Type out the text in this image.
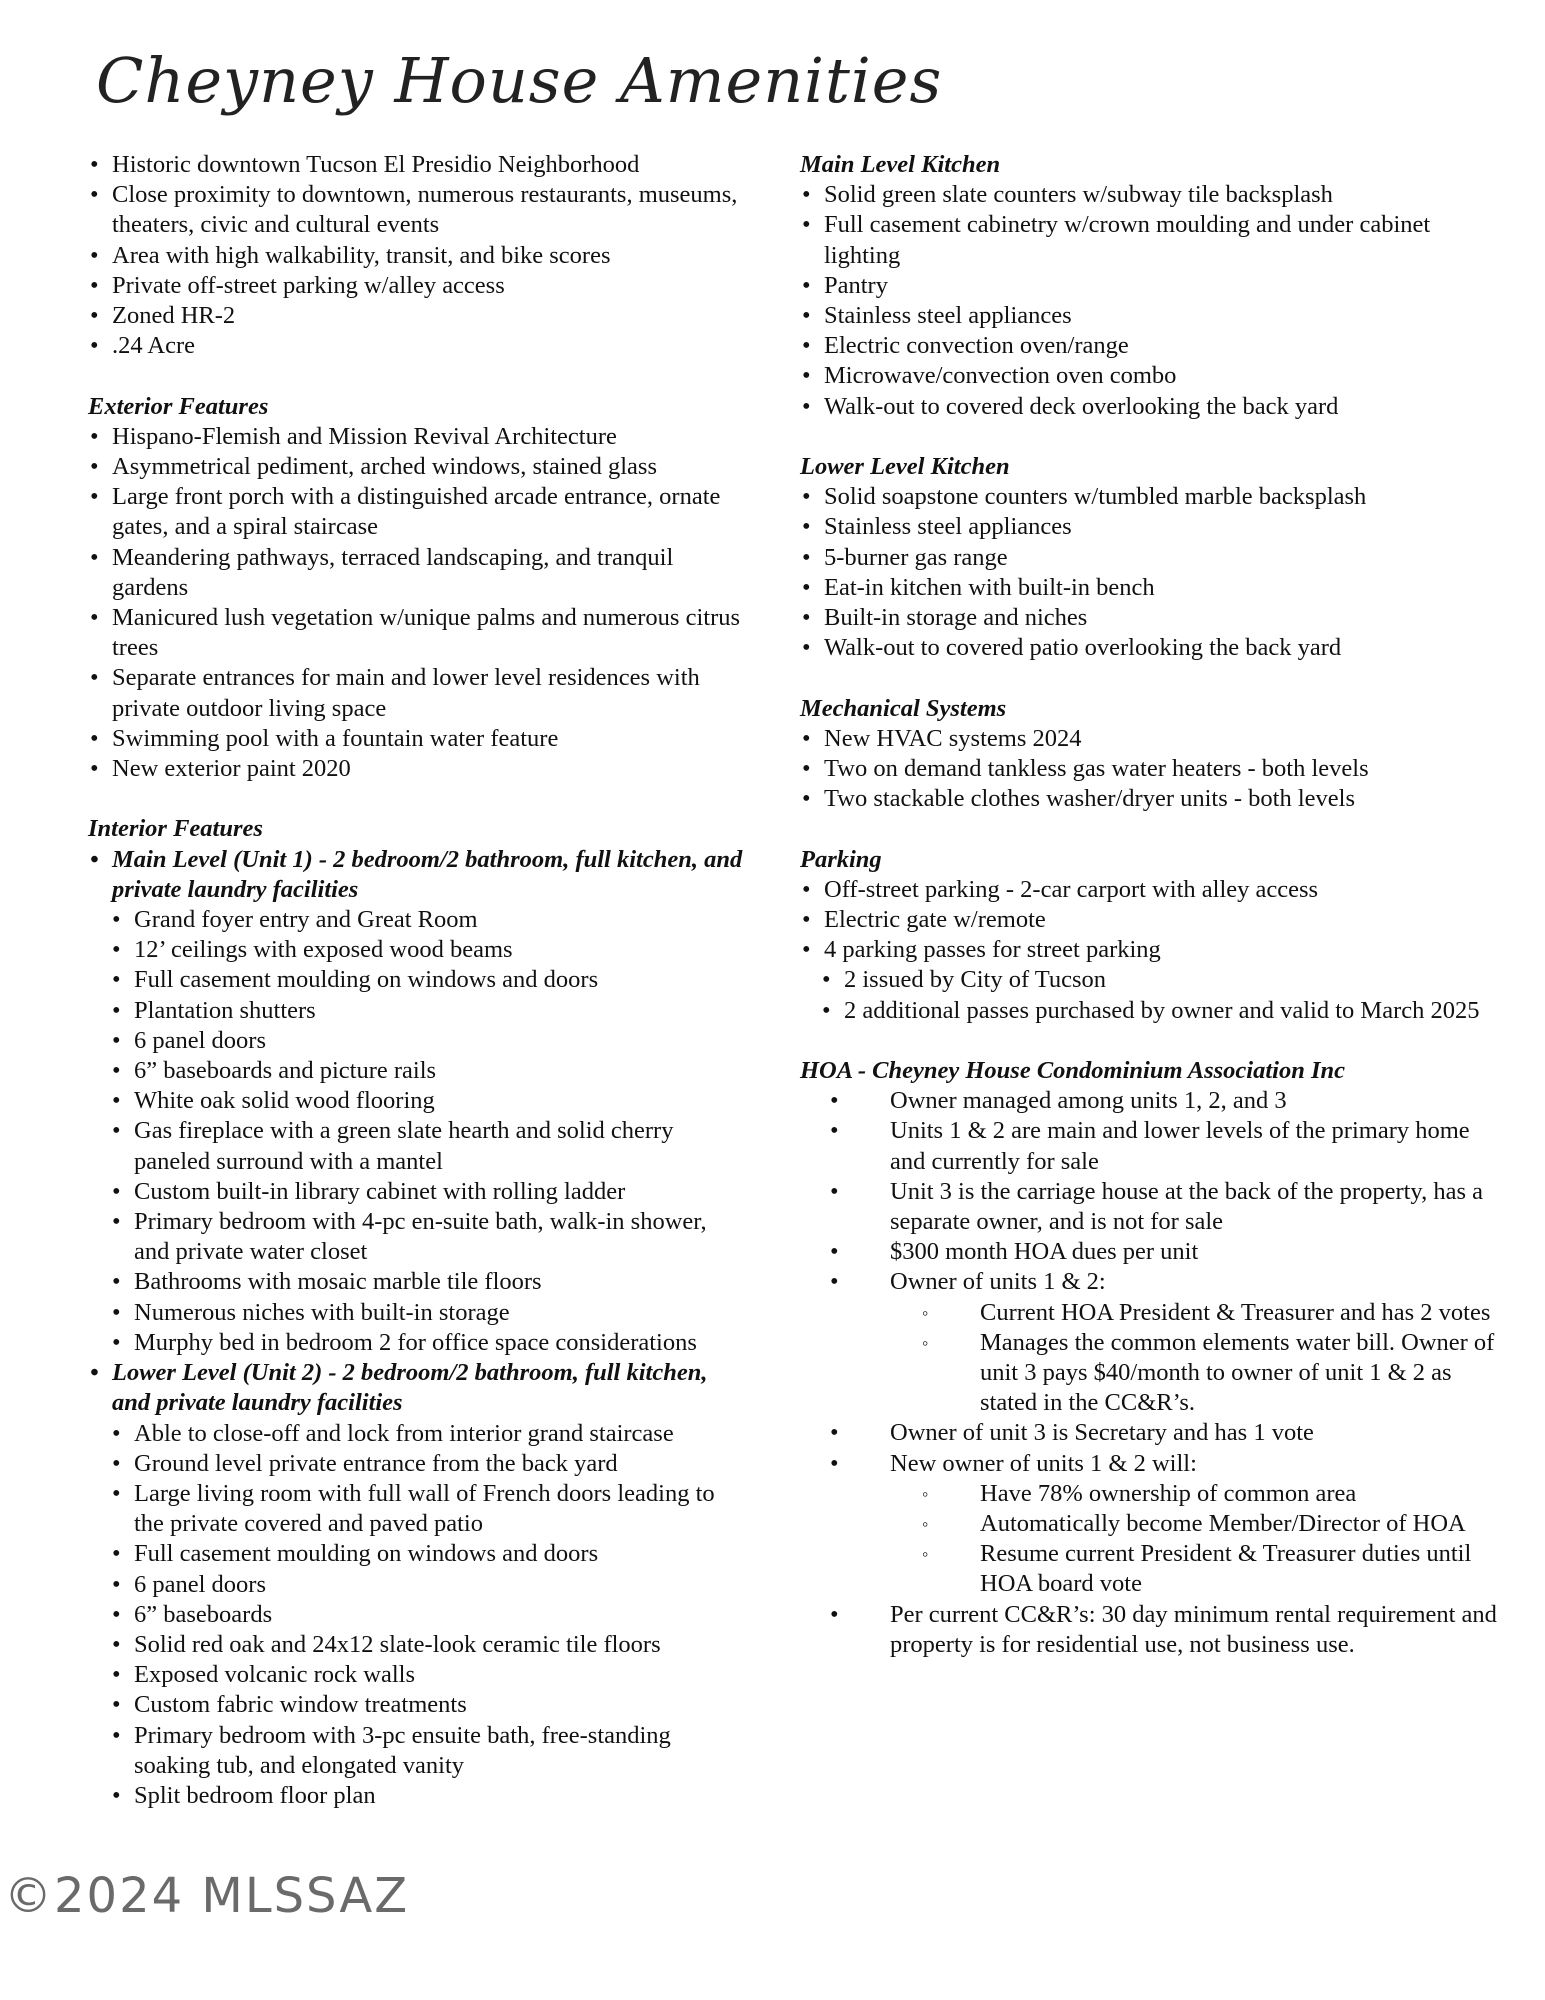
Cheyney House Amenities
• Historic downtown Tucson El Presidio Neighborhood
• Close proximity to downtown, numerous restaurants, museums, theaters, civic and cultural events
• Area with high walkability, transit, and bike scores
• Private off-street parking w/alley access
• Zoned HR-2
• .24 Acre
Exterior Features
• Hispano-Flemish and Mission Revival Architecture
• Asymmetrical pediment, arched windows, stained glass
• Large front porch with a distinguished arcade entrance, ornate gates, and a spiral staircase
• Meandering pathways, terraced landscaping, and tranquil gardens
• Manicured lush vegetation w/unique palms and numerous citrus trees
• Separate entrances for main and lower level residences with private outdoor living space
• Swimming pool with a fountain water feature
• New exterior paint 2020
Interior Features
• Main Level (Unit 1) - 2 bedroom/2 bathroom, full kitchen, and private laundry facilities
• Grand foyer entry and Great Room
• 12’ ceilings with exposed wood beams
• Full casement moulding on windows and doors
• Plantation shutters
• 6 panel doors
• 6” baseboards and picture rails
• White oak solid wood flooring
• Gas fireplace with a green slate hearth and solid cherry paneled surround with a mantel
• Custom built-in library cabinet with rolling ladder
• Primary bedroom with 4-pc en-suite bath, walk-in shower, and private water closet
• Bathrooms with mosaic marble tile floors
• Numerous niches with built-in storage
• Murphy bed in bedroom 2 for office space considerations
• Lower Level (Unit 2) - 2 bedroom/2 bathroom, full kitchen, and private laundry facilities
• Able to close-off and lock from interior grand staircase
• Ground level private entrance from the back yard
• Large living room with full wall of French doors leading to the private covered and paved patio
• Full casement moulding on windows and doors
• 6 panel doors
• 6” baseboards
• Solid red oak and 24x12 slate-look ceramic tile floors
• Exposed volcanic rock walls
• Custom fabric window treatments
• Primary bedroom with 3-pc ensuite bath, free-standing soaking tub, and elongated vanity
• Split bedroom floor plan
Main Level Kitchen
• Solid green slate counters w/subway tile backsplash
• Full casement cabinetry w/crown moulding and under cabinet lighting
• Pantry
• Stainless steel appliances
• Electric convection oven/range
• Microwave/convection oven combo
• Walk-out to covered deck overlooking the back yard
Lower Level Kitchen
• Solid soapstone counters w/tumbled marble backsplash
• Stainless steel appliances
• 5-burner gas range
• Eat-in kitchen with built-in bench
• Built-in storage and niches
• Walk-out to covered patio overlooking the back yard
Mechanical Systems
• New HVAC systems 2024
• Two on demand tankless gas water heaters - both levels
• Two stackable clothes washer/dryer units - both levels
Parking
• Off-street parking - 2-car carport with alley access
• Electric gate w/remote
• 4 parking passes for street parking
• 2 issued by City of Tucson
• 2 additional passes purchased by owner and valid to March 2025
HOA - Cheyney House Condominium Association Inc
• Owner managed among units 1, 2, and 3
• Units 1 & 2 are main and lower levels of the primary home and currently for sale
• Unit 3 is the carriage house at the back of the property, has a separate owner, and is not for sale
• $300 month HOA dues per unit
• Owner of units 1 & 2:
◦ Current HOA President & Treasurer and has 2 votes
◦ Manages the common elements water bill. Owner of unit 3 pays $40/month to owner of unit 1 & 2 as stated in the CC&R’s.
• Owner of unit 3 is Secretary and has 1 vote
• New owner of units 1 & 2 will:
◦ Have 78% ownership of common area
◦ Automatically become Member/Director of HOA
◦ Resume current President & Treasurer duties until HOA board vote
• Per current CC&R’s: 30 day minimum rental requirement and property is for residential use, not business use.
©2024 MLSSAZ
